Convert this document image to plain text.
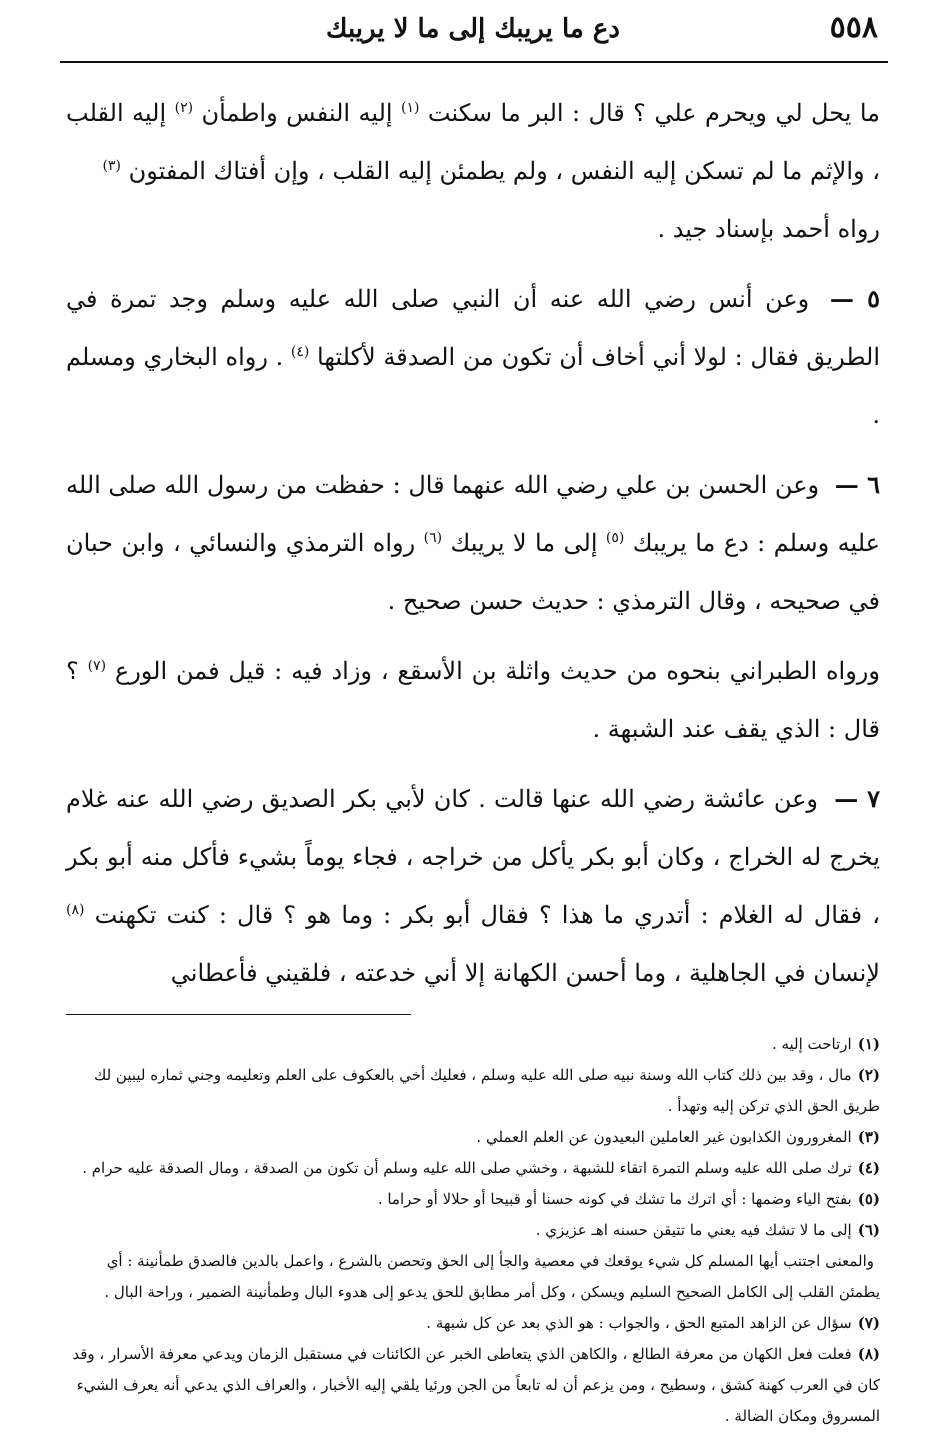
٥٥٨
دع ما يريبك إلى ما لا يريبك

ما يحل لي ويحرم علي ؟ قال : البر ما سكنت $^{(١)}$ إليه النفس واطمأن $^{(٢)}$ إليه القلب ، والإثم ما لم تسكن إليه النفس ، ولم يطمئن إليه القلب ، وإن أفتاك المفتون $^{(٣)}$
رواه أحمد بإسناد جيد .

٥ — وعن أنس رضي الله عنه أن النبي صلى الله عليه وسلم وجد تمرة في الطريق فقال : لولا أني أخاف أن تكون من الصدقة لأكلتها $^{(٤)}$ . رواه البخاري ومسلم .

٦ — وعن الحسن بن علي رضي الله عنهما قال : حفظت من رسول الله صلى الله عليه وسلم : دع ما يريبك $^{(٥)}$ إلى ما لا يريبك $^{(٦)}$ رواه الترمذي والنسائي ، وابن حبان في صحيحه ، وقال الترمذي : حديث حسن صحيح .

ورواه الطبراني بنحوه من حديث واثلة بن الأسقع ، وزاد فيه : قيل فمن الورع $^{(٧)}$ ؟ قال : الذي يقف عند الشبهة .

٧ — وعن عائشة رضي الله عنها قالت . كان لأبي بكر الصديق رضي الله عنه غلام يخرج له الخراج ، وكان أبو بكر يأكل من خراجه ، فجاء يوماً بشيء فأكل منه أبو بكر ، فقال له الغلام : أتدري ما هذا ؟ فقال أبو بكر : وما هو ؟ قال : كنت تكهنت $^{(٨)}$ لإنسان في الجاهلية ، وما أحسن الكهانة إلا أني خدعته ، فلقيني فأعطاني

(١)ارتاحت إليه .

(٢)مال ، وقد بين ذلك كتاب الله وسنة نبيه صلى الله عليه وسلم ، فعليك أخي بالعكوف على العلم وتعليمه وجني ثماره ليبين لك طريق الحق الذي تركن إليه وتهدأ .

(٣)المغرورون الكذابون غير العاملين البعيدون عن العلم العملي .

(٤)ترك صلى الله عليه وسلم التمرة اتقاء للشبهة ، وخشي صلى الله عليه وسلم أن تكون من الصدقة ، ومال الصدقة عليه حرام .

(٥)بفتح الياء وضمها : أي اترك ما تشك في كونه حسنا أو قبيحا أو حلالا أو حراما .

(٦)إلى ما لا تشك فيه يعني ما تتيقن حسنه اهـ عزيزي .

والمعنى اجتنب أيها المسلم كل شيء يوقعك في معصية والجأ إلى الحق وتحصن بالشرع ، واعمل بالدين فالصدق طمأنينة : أي يطمئن القلب إلى الكامل الصحيح السليم ويسكن ، وكل أمر مطابق للحق يدعو إلى هدوء البال وطمأنينة الضمير ، وراحة البال .

(٧)سؤال عن الزاهد المتبع الحق ، والجواب : هو الذي بعد عن كل شبهة .

(٨)فعلت فعل الكهان من معرفة الطالع ، والكاهن الذي يتعاطى الخبر عن الكائنات في مستقبل الزمان ويدعي معرفة الأسرار ، وقد كان في العرب كهنة كشق ، وسطيح ، ومن يزعم أن له تابعاً من الجن ورئيا يلقي إليه الأخبار ، والعراف الذي يدعي أنه يعرف الشيء المسروق ومكان الضالة .
